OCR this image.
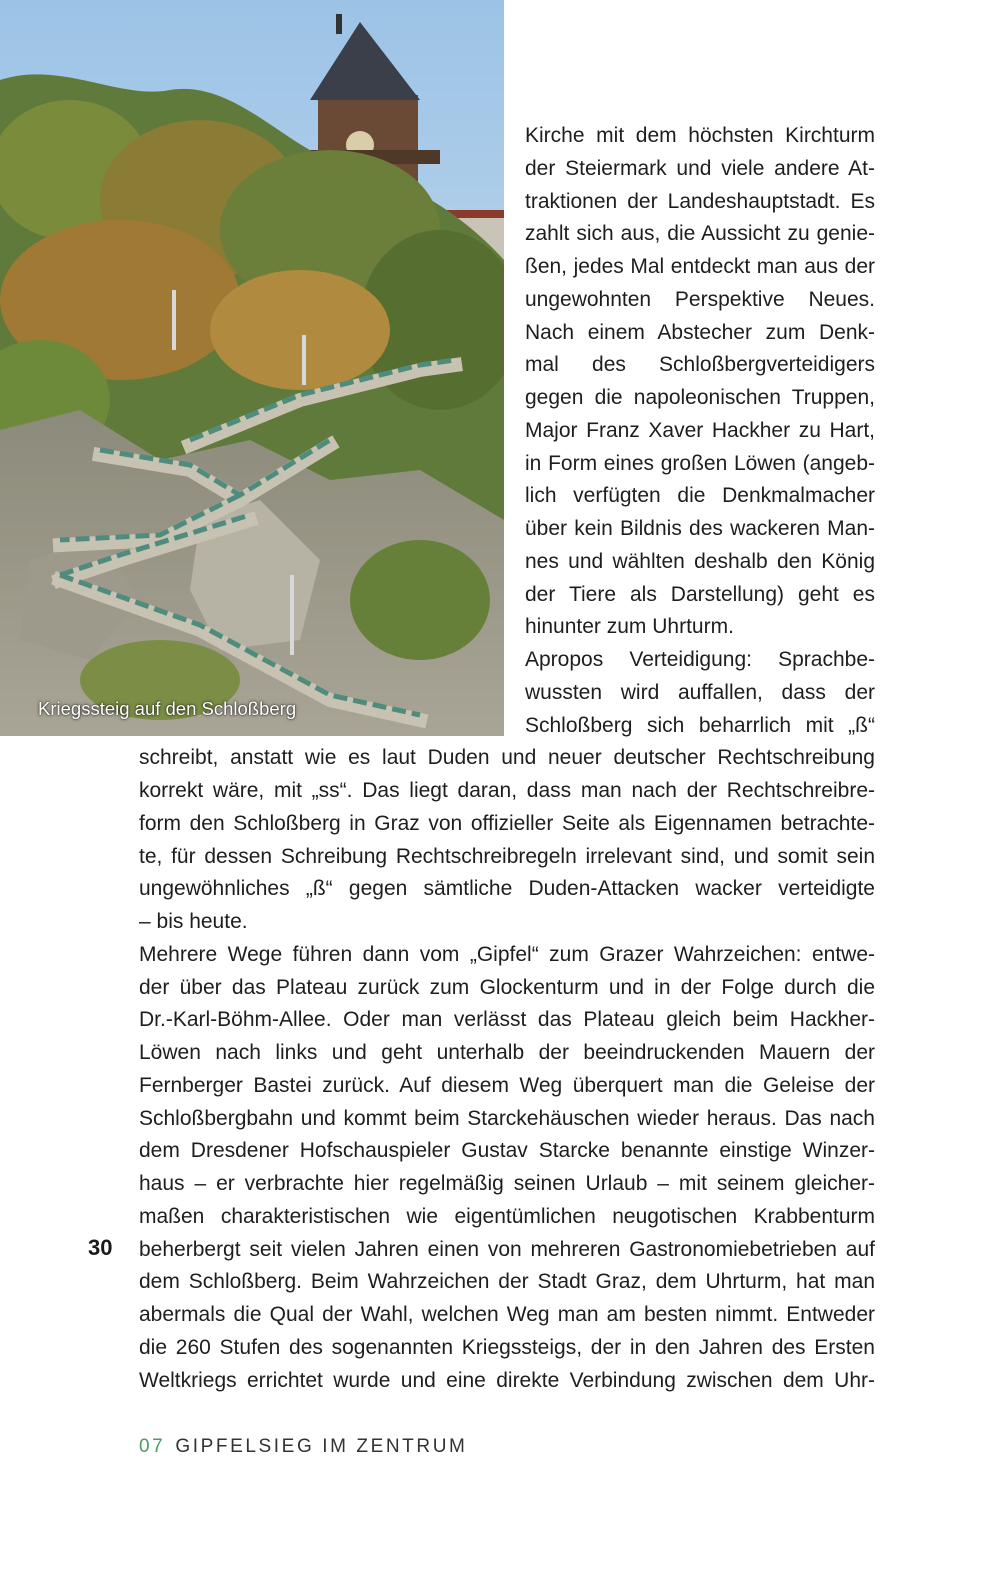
Kriegssteig auf den Schloßberg
Kirche mit dem höchsten Kirchturm
der Steiermark und viele andere At-
traktionen der Landeshauptstadt. Es
zahlt sich aus, die Aussicht zu genie-
ßen, jedes Mal entdeckt man aus der
ungewohnten Perspektive Neues.
Nach einem Abstecher zum Denk-
mal des Schloßbergverteidigers
gegen die napoleonischen Truppen,
Major Franz Xaver Hackher zu Hart,
in Form eines großen Löwen (angeb-
lich verfügten die Denkmalmacher
über kein Bildnis des wackeren Man-
nes und wählten deshalb den König
der Tiere als Darstellung) geht es
hinunter zum Uhrturm.
Apropos Verteidigung: Sprachbe-
wussten wird auffallen, dass der
Schloßberg sich beharrlich mit „ß“
schreibt, anstatt wie es laut Duden und neuer deutscher Rechtschreibung
korrekt wäre, mit „ss“. Das liegt daran, dass man nach der Rechtschreibre-
form den Schloßberg in Graz von offizieller Seite als Eigennamen betrachte-
te, für dessen Schreibung Rechtschreibregeln irrelevant sind, und somit sein
ungewöhnliches „ß“ gegen sämtliche Duden-Attacken wacker verteidigte
– bis heute.
Mehrere Wege führen dann vom „Gipfel“ zum Grazer Wahrzeichen: entwe-
der über das Plateau zurück zum Glockenturm und in der Folge durch die
Dr.-Karl-Böhm-Allee. Oder man verlässt das Plateau gleich beim Hackher-
Löwen nach links und geht unterhalb der beeindruckenden Mauern der
Fernberger Bastei zurück. Auf diesem Weg überquert man die Geleise der
Schloßbergbahn und kommt beim Starckehäuschen wieder heraus. Das nach
dem Dresdener Hofschauspieler Gustav Starcke benannte einstige Winzer-
haus – er verbrachte hier regelmäßig seinen Urlaub – mit seinem gleicher-
maßen charakteristischen wie eigentümlichen neugotischen Krabbenturm
beherbergt seit vielen Jahren einen von mehreren Gastronomiebetrieben auf
dem Schloßberg. Beim Wahrzeichen der Stadt Graz, dem Uhrturm, hat man
abermals die Qual der Wahl, welchen Weg man am besten nimmt. Entweder
die 260 Stufen des sogenannten Kriegssteigs, der in den Jahren des Ersten
Weltkriegs errichtet wurde und eine direkte Verbindung zwischen dem Uhr-
30
07 GIPFELSIEG IM ZENTRUM
